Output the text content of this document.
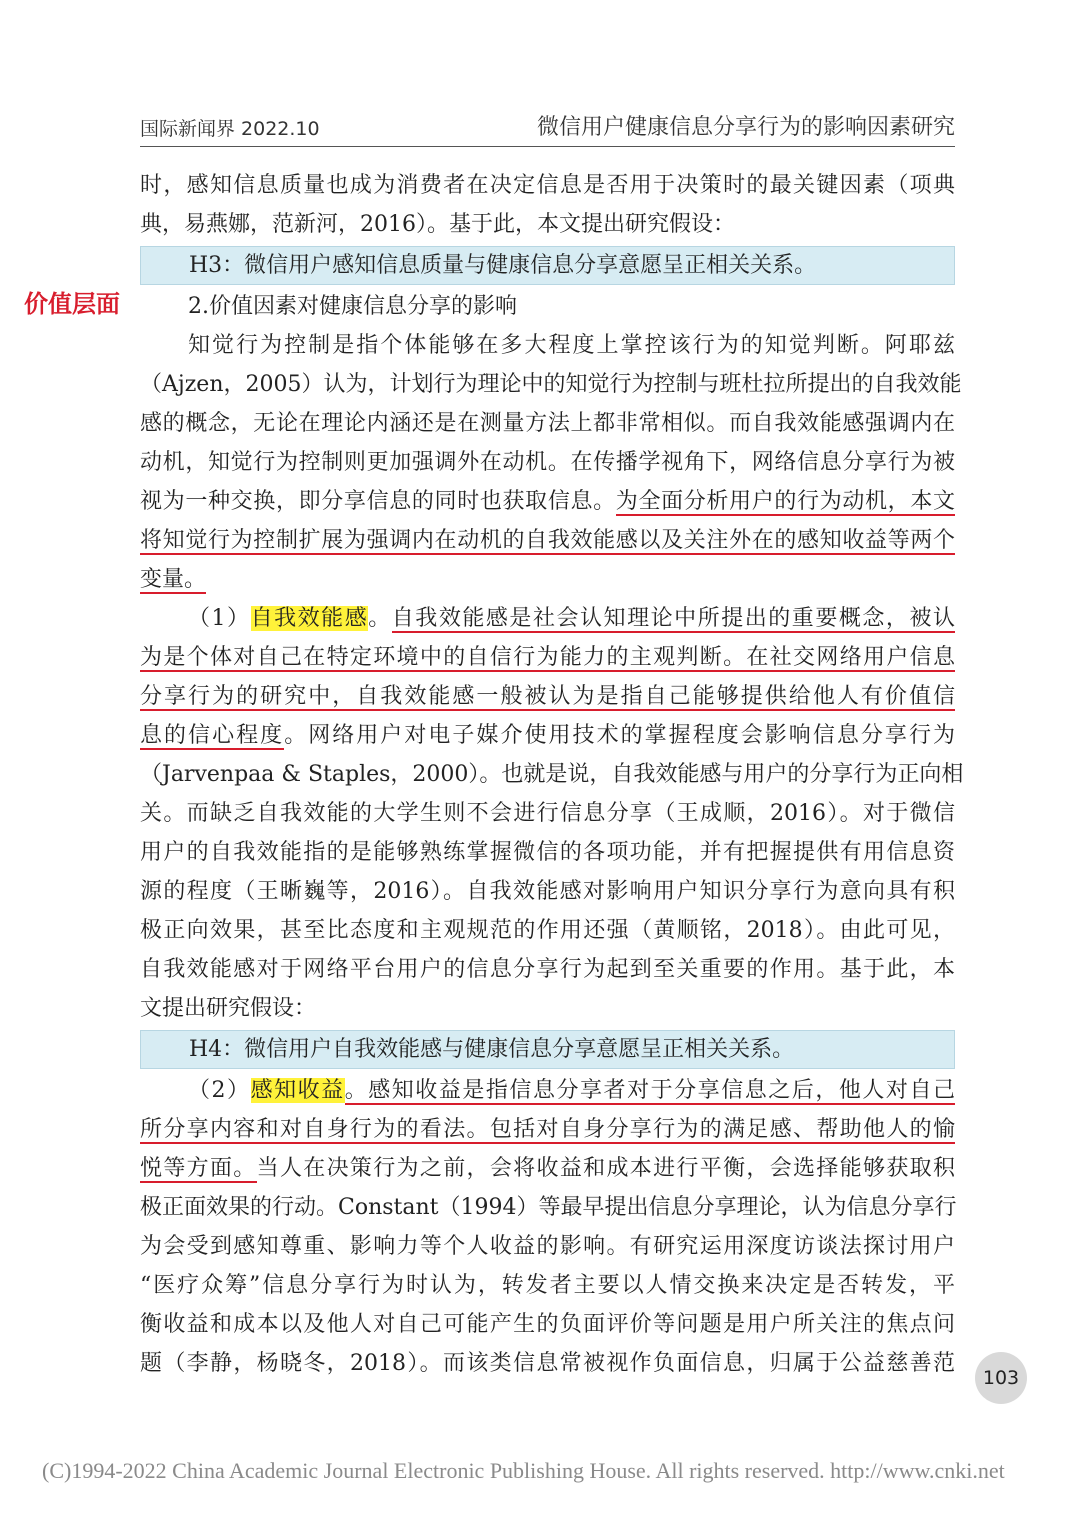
国际新闻界 2022.10	微信用户健康信息分享行为的影响因素研究
价值层面
时，感知信息质量也成为消费者在决定信息是否用于决策时的最关键因素（项典
典，易燕娜，范新河，2016）。基于此，本文提出研究假设：
H3：微信用户感知信息质量与健康信息分享意愿呈正相关关系。
2.价值因素对健康信息分享的影响
知觉行为控制是指个体能够在多大程度上掌控该行为的知觉判断。阿耶兹
（Ajzen，2005）认为，计划行为理论中的知觉行为控制与班杜拉所提出的自我效能
感的概念，无论在理论内涵还是在测量方法上都非常相似。而自我效能感强调内在
动机，知觉行为控制则更加强调外在动机。在传播学视角下，网络信息分享行为被
视为一种交换，即分享信息的同时也获取信息。为全面分析用户的行为动机，本文
将知觉行为控制扩展为强调内在动机的自我效能感以及关注外在的感知收益等两个
变量。
（1）自我效能感。自我效能感是社会认知理论中所提出的重要概念，被认
为是个体对自己在特定环境中的自信行为能力的主观判断。在社交网络用户信息
分享行为的研究中，自我效能感一般被认为是指自己能够提供给他人有价值信
息的信心程度。网络用户对电子媒介使用技术的掌握程度会影响信息分享行为
（Jarvenpaa & Staples，2000）。也就是说，自我效能感与用户的分享行为正向相
关。而缺乏自我效能的大学生则不会进行信息分享（王成顺，2016）。对于微信
用户的自我效能指的是能够熟练掌握微信的各项功能，并有把握提供有用信息资
源的程度（王晰巍等，2016）。自我效能感对影响用户知识分享行为意向具有积
极正向效果，甚至比态度和主观规范的作用还强（黄顺铭，2018）。由此可见，
自我效能感对于网络平台用户的信息分享行为起到至关重要的作用。基于此，本
文提出研究假设：
H4：微信用户自我效能感与健康信息分享意愿呈正相关关系。
（2）感知收益。感知收益是指信息分享者对于分享信息之后，他人对自己
所分享内容和对自身行为的看法。包括对自身分享行为的满足感、帮助他人的愉
悦等方面。当人在决策行为之前，会将收益和成本进行平衡，会选择能够获取积
极正面效果的行动。Constant（1994）等最早提出信息分享理论，认为信息分享行
为会受到感知尊重、影响力等个人收益的影响。有研究运用深度访谈法探讨用户
“医疗众筹”信息分享行为时认为，转发者主要以人情交换来决定是否转发，平
衡收益和成本以及他人对自己可能产生的负面评价等问题是用户所关注的焦点问
题（李静，杨晓冬，2018）。而该类信息常被视作负面信息，归属于公益慈善范
103
(C)1994-2022 China Academic Journal Electronic Publishing House. All rights reserved. http://www.cnki.net
